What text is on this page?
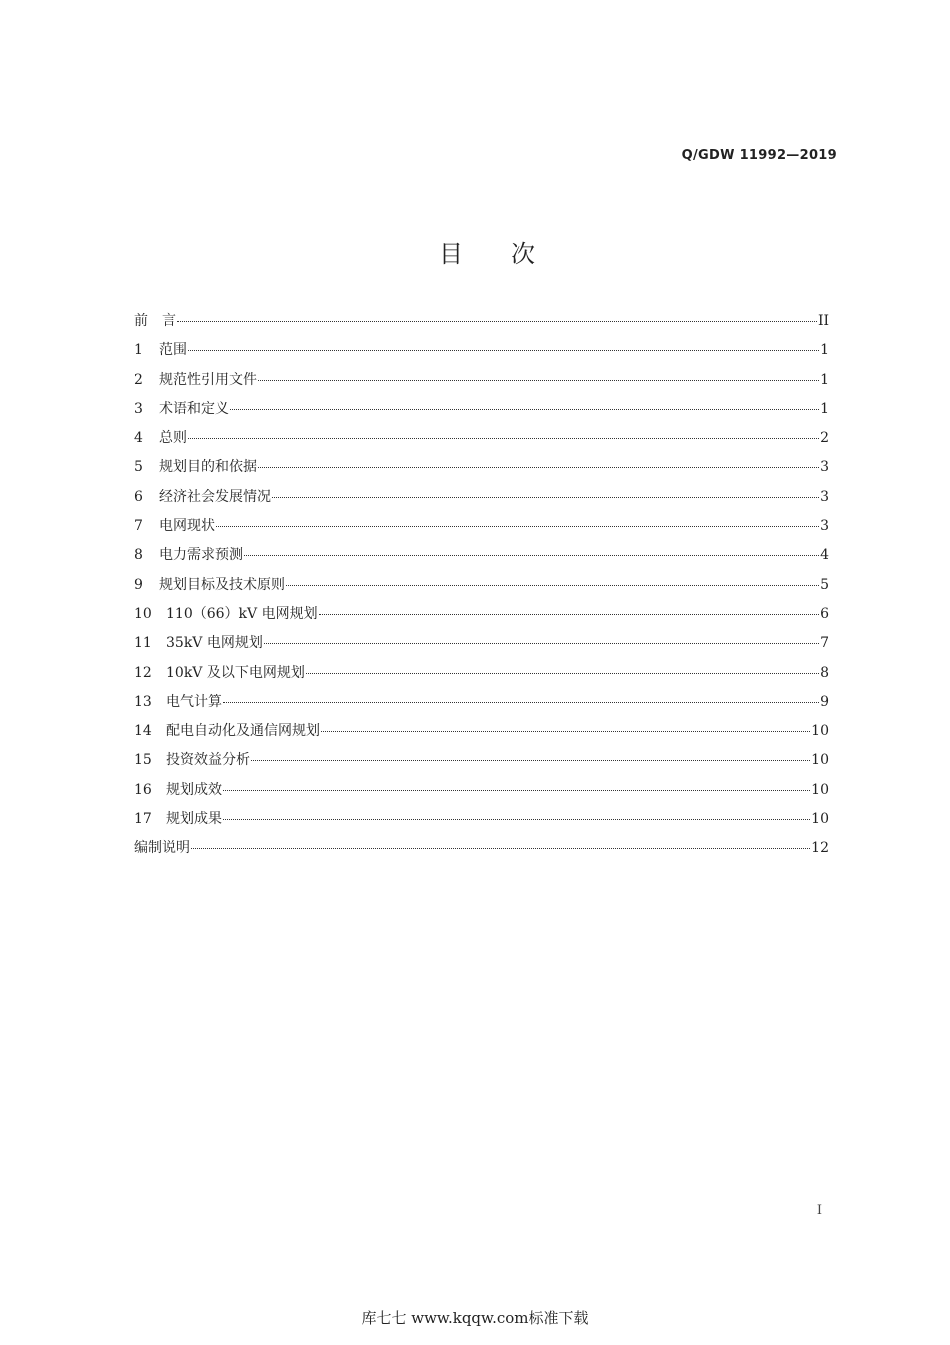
Q/GDW 11992—2019
目 次
前　言	II
1	范围	1
2	规范性引用文件	1
3	术语和定义	1
4	总则	2
5	规划目的和依据	3
6	经济社会发展情况	3
7	电网现状	3
8	电力需求预测	4
9	规划目标及技术原则	5
10	110（66）kV 电网规划	6
11	35kV 电网规划	7
12	10kV 及以下电网规划	8
13	电气计算	9
14	配电自动化及通信网规划	10
15	投资效益分析	10
16	规划成效	10
17	规划成果	10
编制说明	12
I
库七七 www.kqqw.com标准下载
